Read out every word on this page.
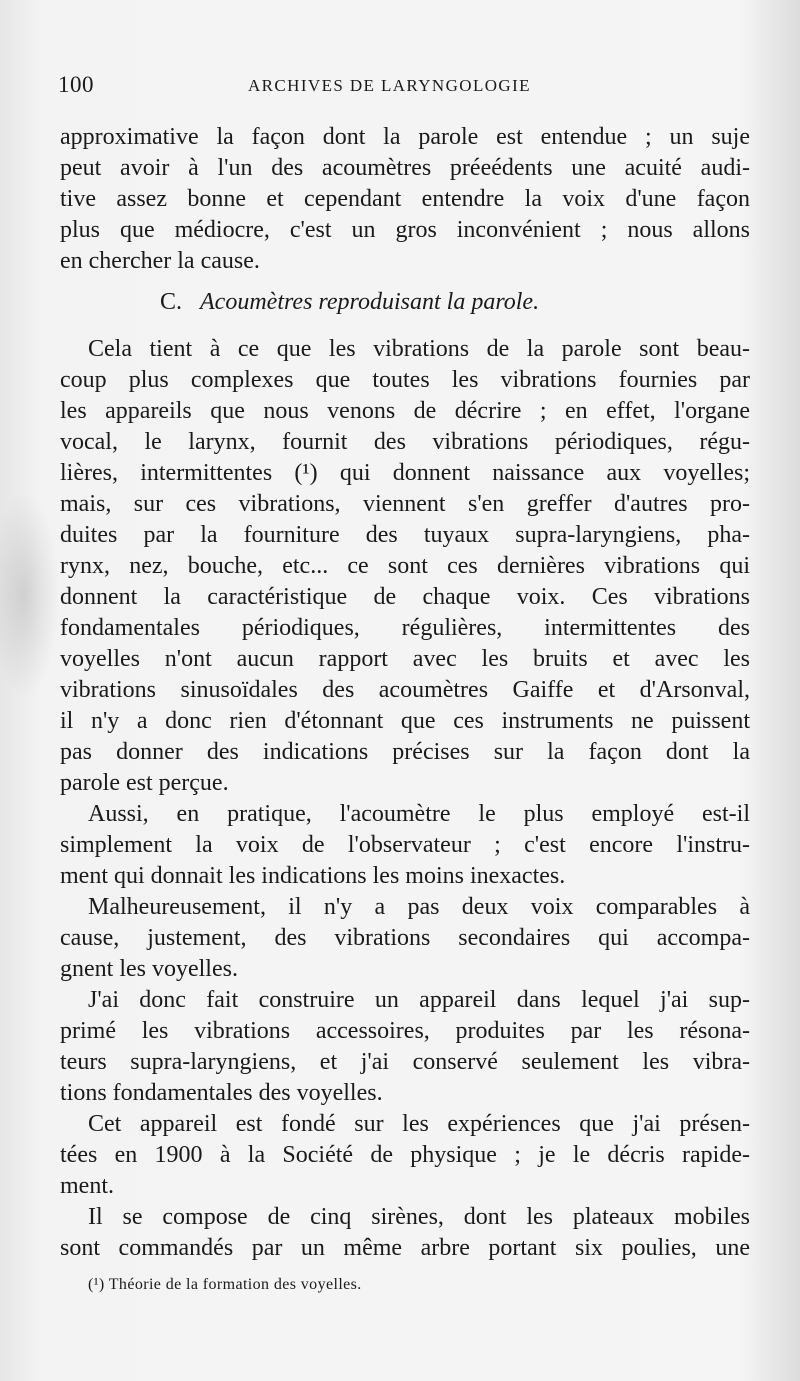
100	ARCHIVES DE LARYNGOLOGIE
approximative la façon dont la parole est entendue ; un suje
peut avoir à l'un des acoumètres préeédents une acuité audi-
tive assez bonne et cependant entendre la voix d'une façon
plus que médiocre, c'est un gros inconvénient ; nous allons
en chercher la cause.
C. Acoumètres reproduisant la parole.
Cela tient à ce que les vibrations de la parole sont beau-
coup plus complexes que toutes les vibrations fournies par
les appareils que nous venons de décrire ; en effet, l'organe
vocal, le larynx, fournit des vibrations périodiques, régu-
lières, intermittentes (¹) qui donnent naissance aux voyelles;
mais, sur ces vibrations, viennent s'en greffer d'autres pro-
duites par la fourniture des tuyaux supra-laryngiens, pha-
rynx, nez, bouche, etc... ce sont ces dernières vibrations qui
donnent la caractéristique de chaque voix. Ces vibrations
fondamentales périodiques, régulières, intermittentes des
voyelles n'ont aucun rapport avec les bruits et avec les
vibrations sinusoïdales des acoumètres Gaiffe et d'Arsonval,
il n'y a donc rien d'étonnant que ces instruments ne puissent
pas donner des indications précises sur la façon dont la
parole est perçue.
Aussi, en pratique, l'acoumètre le plus employé est-il
simplement la voix de l'observateur ; c'est encore l'instru-
ment qui donnait les indications les moins inexactes.
Malheureusement, il n'y a pas deux voix comparables à
cause, justement, des vibrations secondaires qui accompa-
gnent les voyelles.
J'ai donc fait construire un appareil dans lequel j'ai sup-
primé les vibrations accessoires, produites par les résona-
teurs supra-laryngiens, et j'ai conservé seulement les vibra-
tions fondamentales des voyelles.
Cet appareil est fondé sur les expériences que j'ai présen-
tées en 1900 à la Société de physique ; je le décris rapide-
ment.
Il se compose de cinq sirènes, dont les plateaux mobiles
sont commandés par un même arbre portant six poulies, une
(¹) Théorie de la formation des voyelles.
